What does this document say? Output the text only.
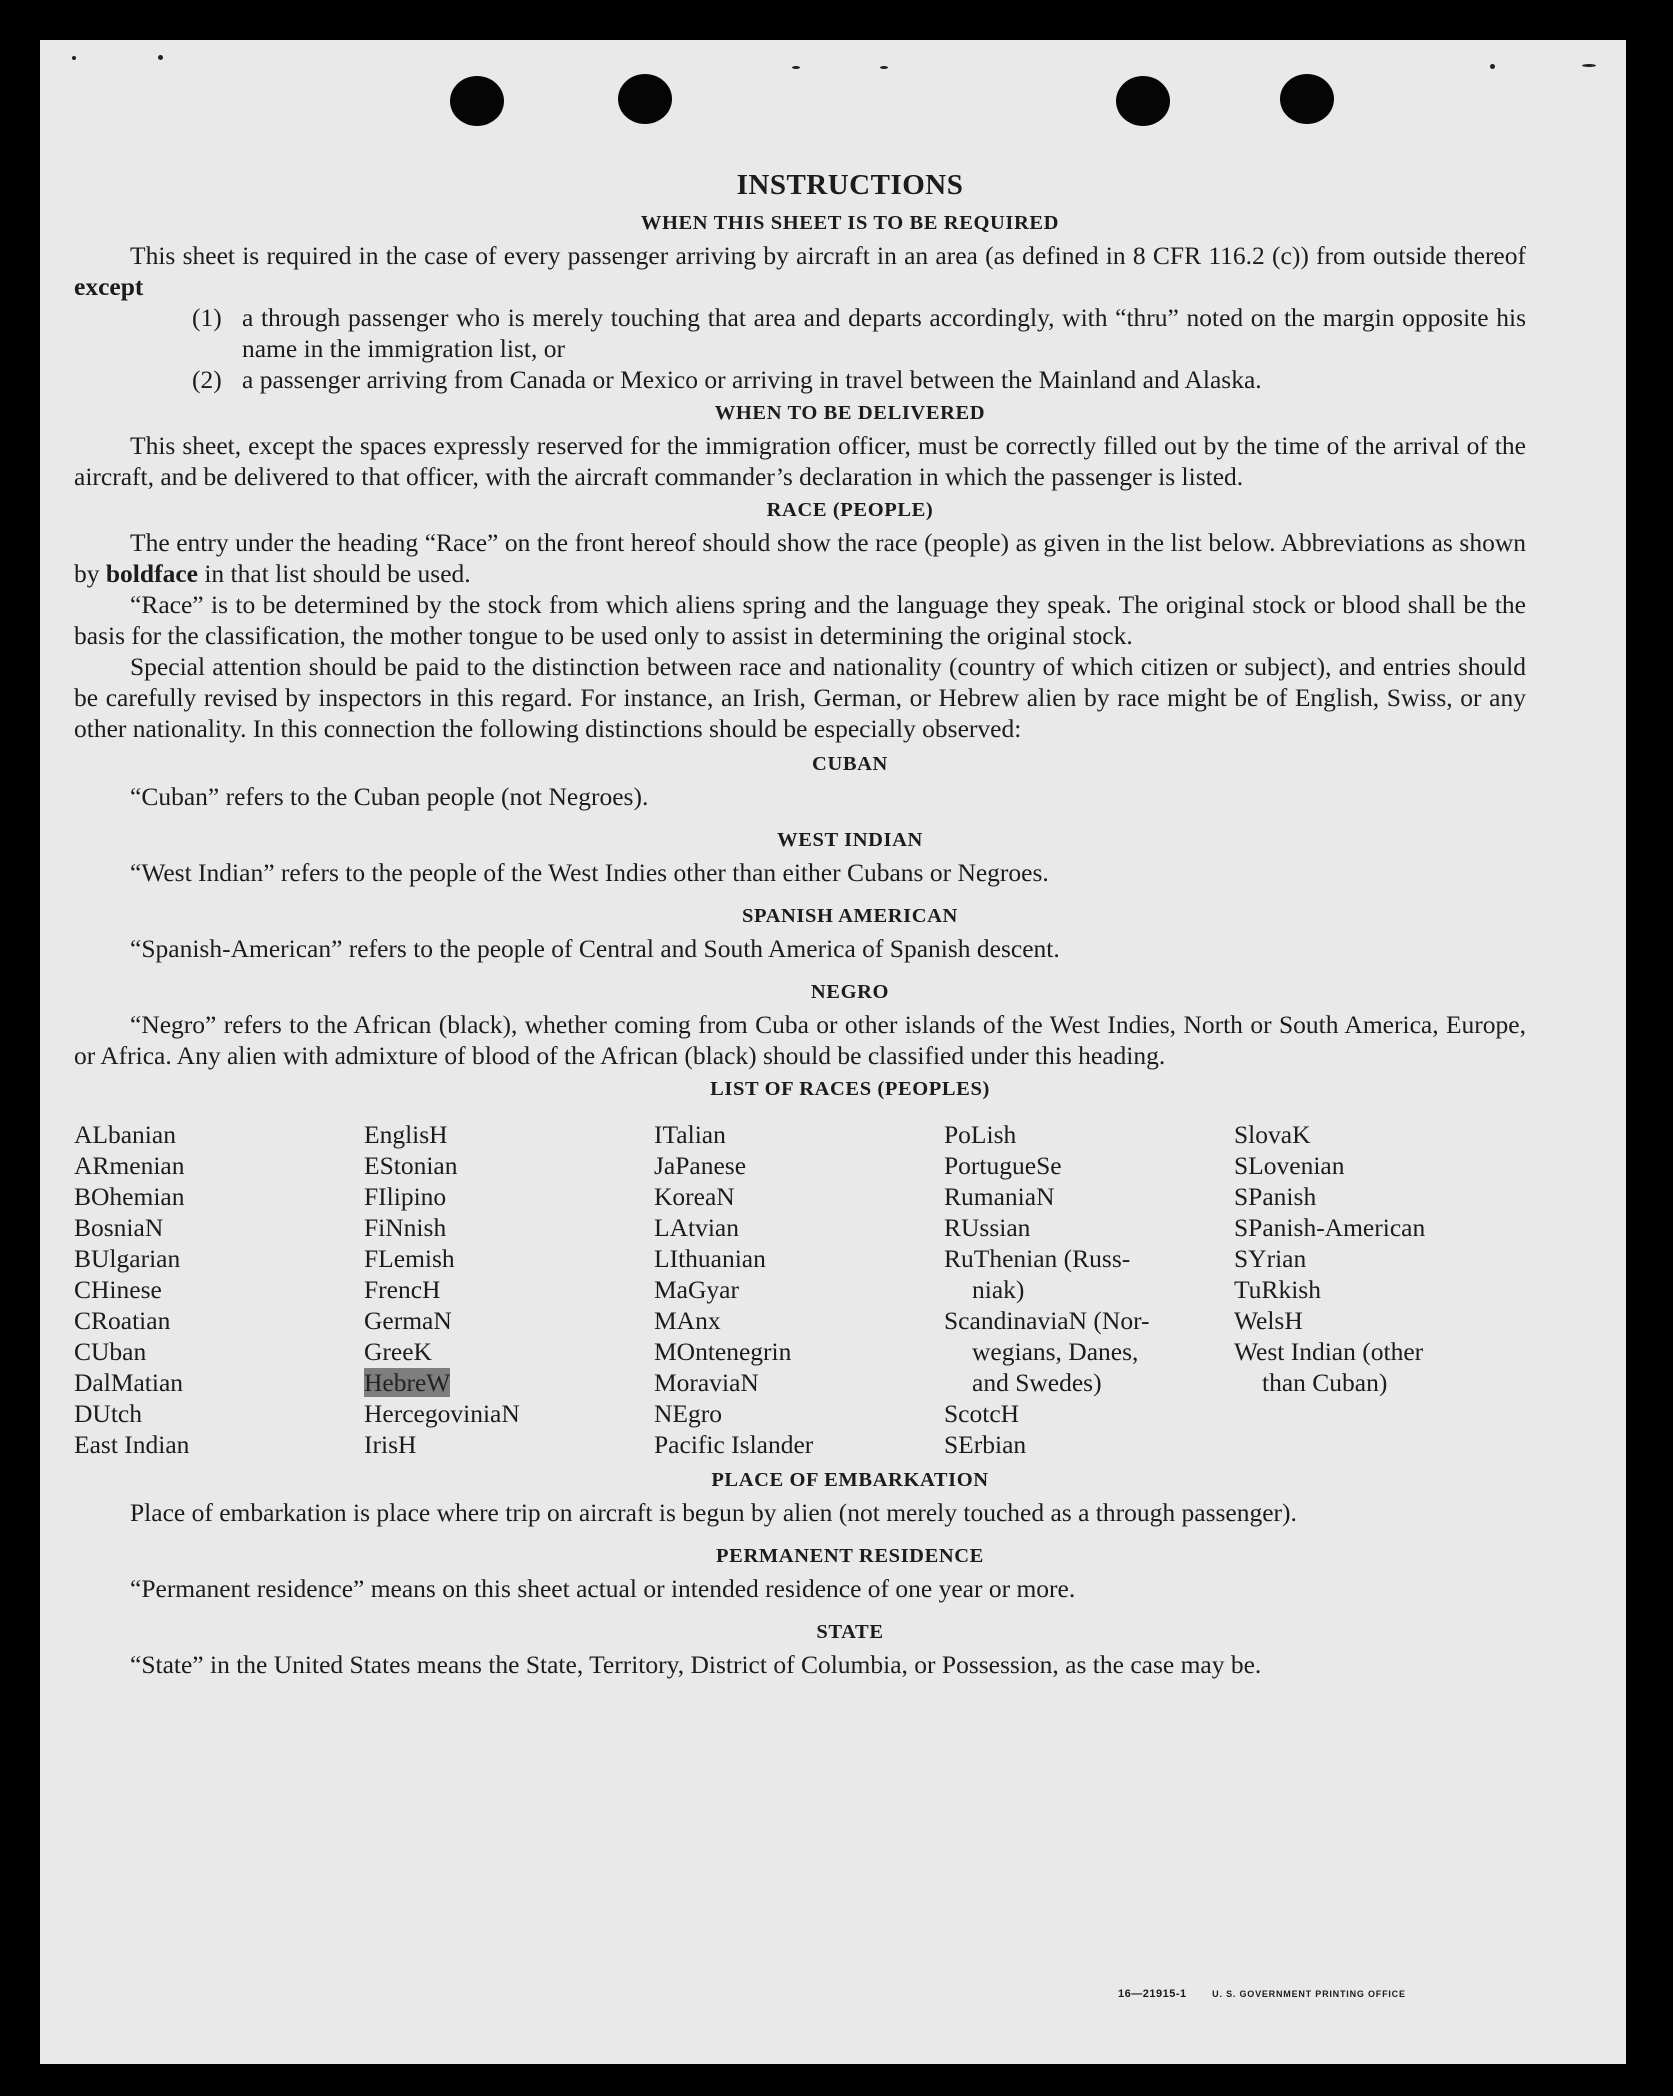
INSTRUCTIONS
WHEN THIS SHEET IS TO BE REQUIRED

This sheet is required in the case of every passenger arriving by aircraft in an area (as defined in 8 CFR 116.2 (c)) from outside thereof except

(1) a through passenger who is merely touching that area and departs accordingly, with “thru” noted on the margin opposite his name in the immigration list, or
(2) a passenger arriving from Canada or Mexico or arriving in travel between the Mainland and Alaska.
WHEN TO BE DELIVERED

This sheet, except the spaces expressly reserved for the immigration officer, must be correctly filled out by the time of the arrival of the aircraft, and be delivered to that officer, with the aircraft commander’s declaration in which the passenger is listed.

RACE (PEOPLE)

The entry under the heading “Race” on the front hereof should show the race (people) as given in the list below. Abbreviations as shown by boldface in that list should be used.

“Race” is to be determined by the stock from which aliens spring and the language they speak. The original stock or blood shall be the basis for the classification, the mother tongue to be used only to assist in determining the original stock.

Special attention should be paid to the distinction between race and nationality (country of which citizen or subject), and entries should be carefully revised by inspectors in this regard. For instance, an Irish, German, or Hebrew alien by race might be of English, Swiss, or any other nationality. In this connection the following distinctions should be especially observed:

CUBAN

“Cuban” refers to the Cuban people (not Negroes).

WEST INDIAN

“West Indian” refers to the people of the West Indies other than either Cubans or Negroes.

SPANISH AMERICAN

“Spanish-American” refers to the people of Central and South America of Spanish descent.

NEGRO

“Negro” refers to the African (black), whether coming from Cuba or other islands of the West Indies, North or South America, Europe, or Africa. Any alien with admixture of blood of the African (black) should be classified under this heading.

LIST OF RACES (PEOPLES)
ALbanian
ARmenian
BOhemian
BosniaN
BUlgarian
CHinese
CRoatian
CUban
DalMatian
DUtch
East Indian
EnglisH
EStonian
FIlipino
FiNnish
FLemish
FrencH
GermaN
GreeK
HebreW
HercegoviniaN
IrisH
ITalian
JaPanese
KoreaN
LAtvian
LIthuanian
MaGyar
MAnx
MOntenegrin
MoraviaN
NEgro
Pacific Islander
PoLish
PortugueSe
RumaniaN
RUssian
RuThenian (Russ-
niak)
ScandinaviaN (Nor-
wegians, Danes,
and Swedes)
ScotcH
SErbian
SlovaK
SLovenian
SPanish
SPanish-American
SYrian
TuRkish
WelsH
West Indian (other
than Cuban)
PLACE OF EMBARKATION

Place of embarkation is place where trip on aircraft is begun by alien (not merely touched as a through passenger).

PERMANENT RESIDENCE

“Permanent residence” means on this sheet actual or intended residence of one year or more.

STATE

“State” in the United States means the State, Territory, District of Columbia, or Possession, as the case may be.

16—21915-1	U. S. GOVERNMENT PRINTING OFFICE
